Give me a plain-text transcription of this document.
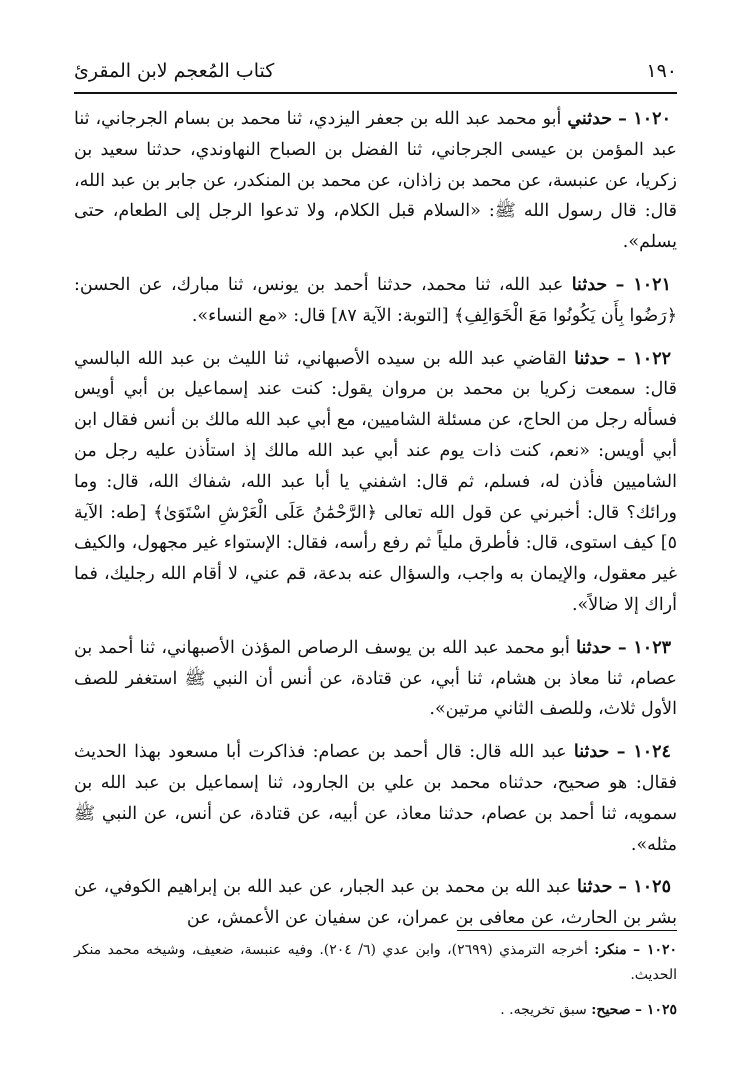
١٩٠
كتاب المُعجم لابن المقرئ

١٠٢٠ – حدثني أبو محمد عبد الله بن جعفر اليزدي، ثنا محمد بن بسام الجرجاني، ثنا عبد المؤمن بن عيسى الجرجاني، ثنا الفضل بن الصباح النهاوندي، حدثنا سعيد بن زكريا، عن عنبسة، عن محمد بن زاذان، عن محمد بن المنكدر، عن جابر بن عبد الله، قال: قال رسول الله ﷺ: «السلام قبل الكلام، ولا تدعوا الرجل إلى الطعام، حتى يسلم».

١٠٢١ – حدثنا عبد الله، ثنا محمد، حدثنا أحمد بن يونس، ثنا مبارك، عن الحسن: ﴿رَضُوا بِأَن يَكُونُوا مَعَ الْخَوَالِفِ﴾ [التوبة: الآية ٨٧] قال: «مع النساء».

١٠٢٢ – حدثنا القاضي عبد الله بن سيده الأصبهاني، ثنا الليث بن عبد الله البالسي قال: سمعت زكريا بن محمد بن مروان يقول: كنت عند إسماعيل بن أبي أويس فسأله رجل من الحاج، عن مسئلة الشاميين، مع أبي عبد الله مالك بن أنس فقال ابن أبي أويس: «نعم، كنت ذات يوم عند أبي عبد الله مالك إذ استأذن عليه رجل من الشاميين فأذن له، فسلم، ثم قال: اشفني يا أبا عبد الله، شفاك الله، قال: وما ورائك؟ قال: أخبرني عن قول الله تعالى ﴿الرَّحْمَٰنُ عَلَى الْعَرْشِ اسْتَوَىٰ﴾ [طه: الآية ٥] كيف استوى، قال: فأطرق ملياً ثم رفع رأسه، فقال: الإستواء غير مجهول، والكيف غير معقول، والإيمان به واجب، والسؤال عنه بدعة، قم عني، لا أقام الله رجليك، فما أراك إلا ضالاً».

١٠٢٣ – حدثنا أبو محمد عبد الله بن يوسف الرصاص المؤذن الأصبهاني، ثنا أحمد بن عصام، ثنا معاذ بن هشام، ثنا أبي، عن قتادة، عن أنس أن النبي ﷺ استغفر للصف الأول ثلاث، وللصف الثاني مرتين».

١٠٢٤ – حدثنا عبد الله قال: قال أحمد بن عصام: فذاكرت أبا مسعود بهذا الحديث فقال: هو صحيح، حدثناه محمد بن علي بن الجارود، ثنا إسماعيل بن عبد الله بن سمويه، ثنا أحمد بن عصام، حدثنا معاذ، عن أبيه، عن قتادة، عن أنس، عن النبي ﷺ مثله».

١٠٢٥ – حدثنا عبد الله بن محمد بن عبد الجبار، عن عبد الله بن إبراهيم الكوفي، عن بشر بن الحارث، عن معافى بن عمران، عن سفيان عن الأعمش، عن

١٠٢٠ – منكر: أخرجه الترمذي (٢٦٩٩)، وابن عدي (٦/ ٢٠٤). وفيه عنبسة، ضعيف، وشيخه محمد منكر الحديث.

١٠٢٥ – صحيح: سبق تخريجه. .
